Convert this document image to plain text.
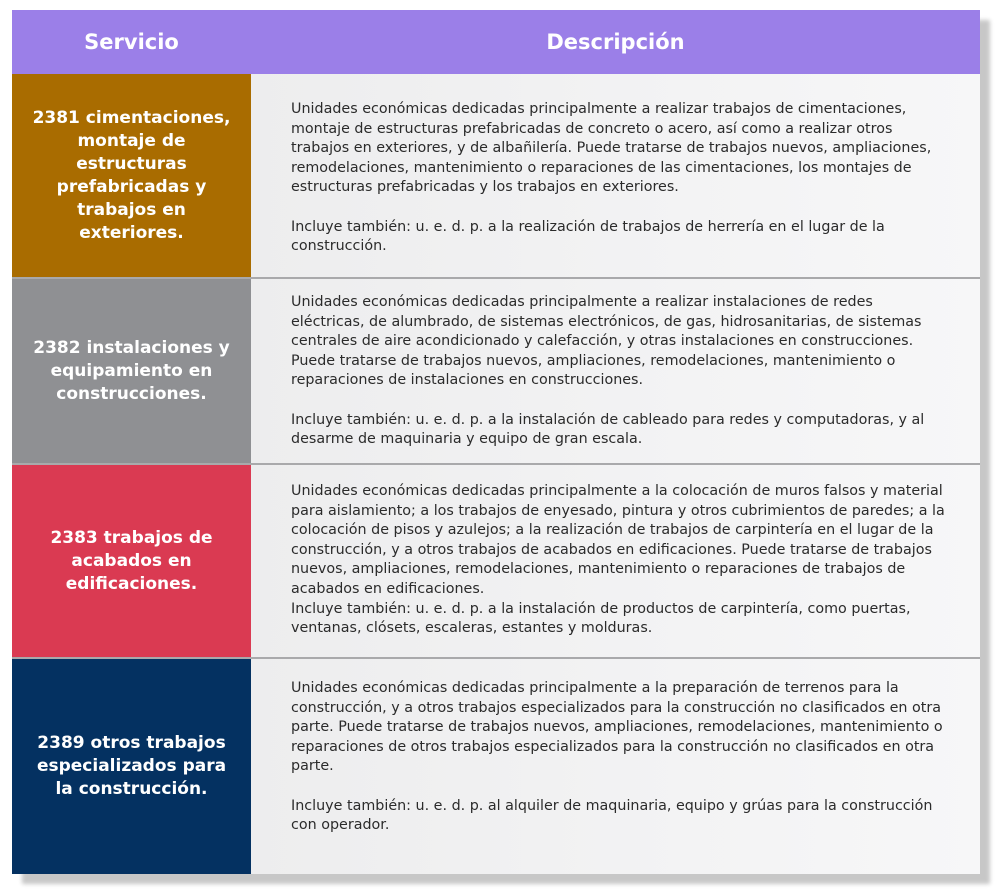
Servicio	Descripción
2381 cimentaciones, montaje de estructuras prefabricadas y trabajos en exteriores.

Unidades económicas dedicadas principalmente a realizar trabajos de cimentaciones, montaje de estructuras prefabricadas de concreto o acero, así como a realizar otros trabajos en exteriores, y de albañilería. Puede tratarse de trabajos nuevos, ampliaciones, remodelaciones, mantenimiento o reparaciones de las cimentaciones, los montajes de estructuras prefabricadas y los trabajos en exteriores.

Incluye también: u. e. d. p. a la realización de trabajos de herrería en el lugar de la construcción.

2382 instalaciones y equipamiento en construcciones.

Unidades económicas dedicadas principalmente a realizar instalaciones de redes eléctricas, de alumbrado, de sistemas electrónicos, de gas, hidrosanitarias, de sistemas centrales de aire acondicionado y calefacción, y otras instalaciones en construcciones. Puede tratarse de trabajos nuevos, ampliaciones, remodelaciones, mantenimiento o reparaciones de instalaciones en construcciones.

Incluye también: u. e. d. p. a la instalación de cableado para redes y computadoras, y al desarme de maquinaria y equipo de gran escala.

2383 trabajos de acabados en edificaciones.

Unidades económicas dedicadas principalmente a la colocación de muros falsos y material para aislamiento; a los trabajos de enyesado, pintura y otros cubrimientos de paredes; a la colocación de pisos y azulejos; a la realización de trabajos de carpintería en el lugar de la construcción, y a otros trabajos de acabados en edificaciones. Puede tratarse de trabajos nuevos, ampliaciones, remodelaciones, mantenimiento o reparaciones de trabajos de acabados en edificaciones.

Incluye también: u. e. d. p. a la instalación de productos de carpintería, como puertas, ventanas, clósets, escaleras, estantes y molduras.

2389 otros trabajos especializados para la construcción.

Unidades económicas dedicadas principalmente a la preparación de terrenos para la construcción, y a otros trabajos especializados para la construcción no clasificados en otra parte. Puede tratarse de trabajos nuevos, ampliaciones, remodelaciones, mantenimiento o reparaciones de otros trabajos especializados para la construcción no clasificados en otra parte.

Incluye también: u. e. d. p. al alquiler de maquinaria, equipo y grúas para la construcción con operador.
